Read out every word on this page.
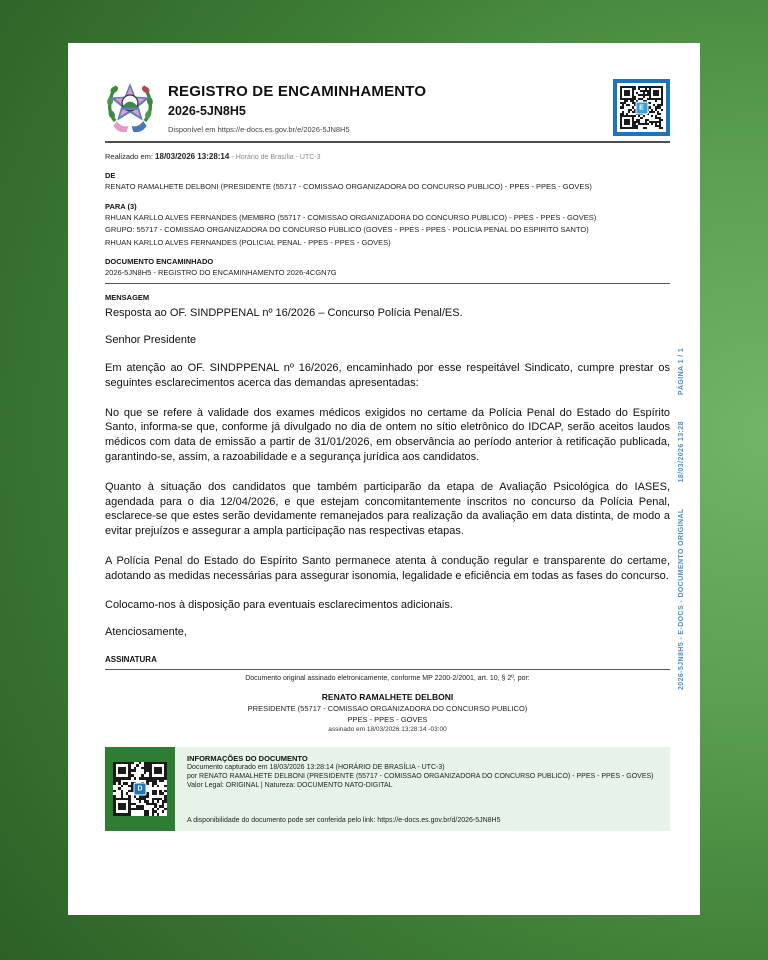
REGISTRO DE ENCAMINHAMENTO
2026-5JN8H5
Disponível em https://e-docs.es.gov.br/e/2026-5JN8H5
E
Realizado em: 18/03/2026 13:28:14 - Horário de Brasília - UTC-3
DE
RENATO RAMALHETE DELBONI (PRESIDENTE (55717 - COMISSAO ORGANIZADORA DO CONCURSO PUBLICO) - PPES - PPES - GOVES)
PARA (3)
RHUAN KARLLO ALVES FERNANDES (MEMBRO (55717 - COMISSAO ORGANIZADORA DO CONCURSO PUBLICO) - PPES - PPES - GOVES)
GRUPO: 55717 - COMISSAO ORGANIZADORA DO CONCURSO PUBLICO (GOVES - PPES - PPES - POLICIA PENAL DO ESPIRITO SANTO)
RHUAN KARLLO ALVES FERNANDES (POLICIAL PENAL - PPES - PPES - GOVES)
DOCUMENTO ENCAMINHADO
2026-5JN8H5 - REGISTRO DO ENCAMINHAMENTO 2026-4CGN7G
MENSAGEM
Resposta ao OF. SINDPPENAL nº 16/2026 – Concurso Polícia Penal/ES.
Senhor Presidente
Em atenção ao OF. SINDPPENAL nº 16/2026, encaminhado por esse respeitável Sindicato, cumpre prestar os seguintes esclarecimentos acerca das demandas apresentadas:
No que se refere à validade dos exames médicos exigidos no certame da Polícia Penal do Estado do Espírito Santo, informa-se que, conforme já divulgado no dia de ontem no sítio eletrônico do IDCAP, serão aceitos laudos médicos com data de emissão a partir de 31/01/2026, em observância ao período anterior à retificação publicada, garantindo-se, assim, a razoabilidade e a segurança jurídica aos candidatos.
Quanto à situação dos candidatos que também participarão da etapa de Avaliação Psicológica do IASES, agendada para o dia 12/04/2026, e que estejam concomitantemente inscritos no concurso da Polícia Penal, esclarece-se que estes serão devidamente remanejados para realização da avaliação em data distinta, de modo a evitar prejuízos e assegurar a ampla participação nas respectivas etapas.
A Polícia Penal do Estado do Espírito Santo permanece atenta à condução regular e transparente do certame, adotando as medidas necessárias para assegurar isonomia, legalidade e eficiência em todas as fases do concurso.
Colocamo-nos à disposição para eventuais esclarecimentos adicionais.
Atenciosamente,
ASSINATURA
Documento original assinado eletronicamente, conforme MP 2200-2/2001, art. 10, § 2º, por:
RENATO RAMALHETE DELBONI
PRESIDENTE (55717 - COMISSAO ORGANIZADORA DO CONCURSO PUBLICO)
PPES - PPES - GOVES
assinado em 18/03/2026 13:28:14 -03:00
D
INFORMAÇÕES DO DOCUMENTO
Documento capturado em 18/03/2026 13:28:14 (HORÁRIO DE BRASÍLIA - UTC-3)
por RENATO RAMALHETE DELBONI (PRESIDENTE (55717 - COMISSAO ORGANIZADORA DO CONCURSO PUBLICO) - PPES - PPES - GOVES)
Valor Legal: ORIGINAL | Natureza: DOCUMENTO NATO-DIGITAL
A disponibilidade do documento pode ser conferida pelo link: https://e-docs.es.gov.br/d/2026-5JN8H5
2026-5JN8H5 - E-DOCS - DOCUMENTO ORIGINAL
18/03/2026 13:28
PÁGINA 1 / 1
